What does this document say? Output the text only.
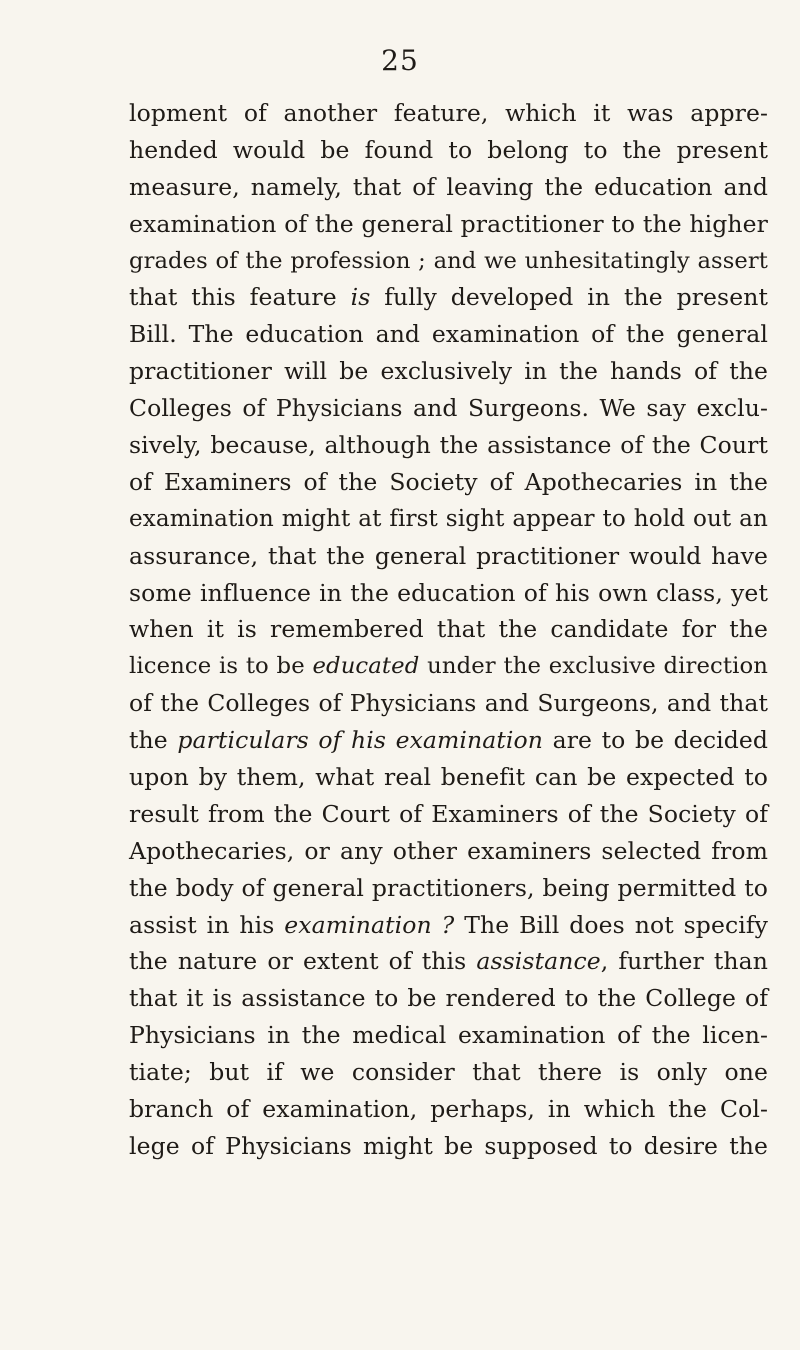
25
lopment of another feature, which it was appre-
hended would be found to belong to the present
measure, namely, that of leaving the education and
examination of the general practitioner to the higher
grades of the profession ; and we unhesitatingly assert
that this feature is fully developed in the present
Bill. The education and examination of the general
practitioner will be exclusively in the hands of the
Colleges of Physicians and Surgeons. We say exclu-
sively, because, although the assistance of the Court
of Examiners of the Society of Apothecaries in the
examination might at first sight appear to hold out an
assurance, that the general practitioner would have
some influence in the education of his own class, yet
when it is remembered that the candidate for the
licence is to be educated under the exclusive direction
of the Colleges of Physicians and Surgeons, and that
the particulars of his examination are to be decided
upon by them, what real benefit can be expected to
result from the Court of Examiners of the Society of
Apothecaries, or any other examiners selected from
the body of general practitioners, being permitted to
assist in his examination ? The Bill does not specify
the nature or extent of this assistance, further than
that it is assistance to be rendered to the College of
Physicians in the medical examination of the licen-
tiate; but if we consider that there is only one
branch of examination, perhaps, in which the Col-
lege of Physicians might be supposed to desire the
